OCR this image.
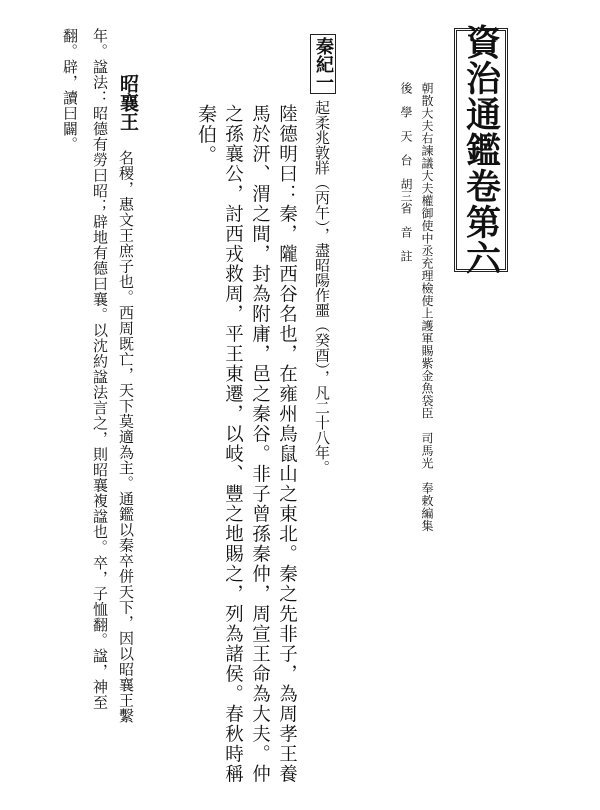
資治通鑑卷第六
朝散大夫右諫議大夫權御使中丞充理檢使上護軍賜紫金魚袋臣　司馬光　奉敕編集
後　學　天　台　胡三省　音　註
秦紀一
起柔兆敦牂（丙午），盡昭陽作噩（癸酉），凡二十八年。
陸德明曰：秦，隴西谷名也，在雍州鳥鼠山之東北。秦之先非子，為周孝王養
馬於汧、渭之間，封為附庸，邑之秦谷。非子曾孫秦仲，周宣王命為大夫。仲
之孫襄公，討西戎救周，平王東遷，以岐、豐之地賜之，列為諸侯。春秋時稱
秦伯。
昭襄王
名稷，惠文王庶子也。西周既亡，天下莫適為主。通鑑以秦卒併天下，因以昭襄王繫
年。諡法：昭德有勞曰昭；辟地有德曰襄。以沈約諡法言之，則昭襄複諡也。卒，子恤翻。諡，神至
翻。辟，讀曰闢。
